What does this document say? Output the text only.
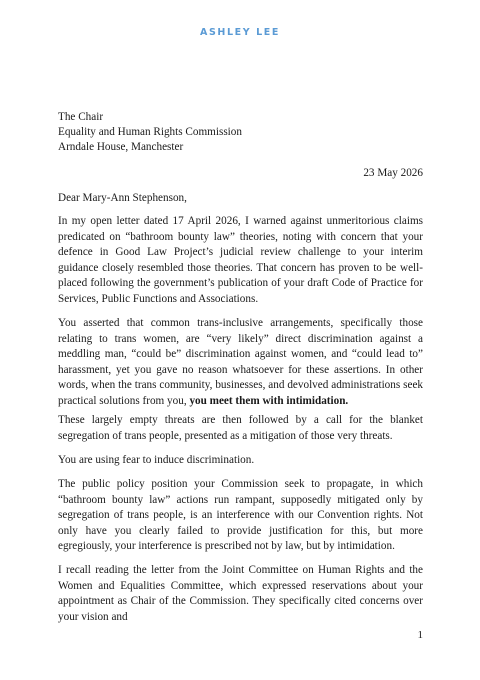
ASHLEY LEE
The Chair
Equality and Human Rights Commission
Arndale House, Manchester
23 May 2026
Dear Mary-Ann Stephenson,

In my open letter dated 17 April 2026, I warned against unmeritorious claims predicated on “bathroom bounty law” theories, noting with concern that your defence in Good Law Project’s judicial review challenge to your interim guidance closely resembled those theories. That concern has proven to be well-placed following the government’s publication of your draft Code of Practice for Services, Public Functions and Associations.

You asserted that common trans-inclusive arrangements, specifically those relating to trans women, are “very likely” direct discrimination against a meddling man, “could be” discrimination against women, and “could lead to” harassment, yet you gave no reason whatsoever for these assertions. In other words, when the trans community, businesses, and devolved administrations seek practical solutions from you, you meet them with intimidation.

These largely empty threats are then followed by a call for the blanket segregation of trans people, presented as a mitigation of those very threats.

You are using fear to induce discrimination.

The public policy position your Commission seek to propagate, in which “bathroom bounty law” actions run rampant, supposedly mitigated only by segregation of trans people, is an interference with our Convention rights. Not only have you clearly failed to provide justification for this, but more egregiously, your interference is prescribed not by law, but by intimidation.

I recall reading the letter from the Joint Committee on Human Rights and the Women and Equalities Committee, which expressed reservations about your appointment as Chair of the Commission. They specifically cited concerns over your vision and

1
